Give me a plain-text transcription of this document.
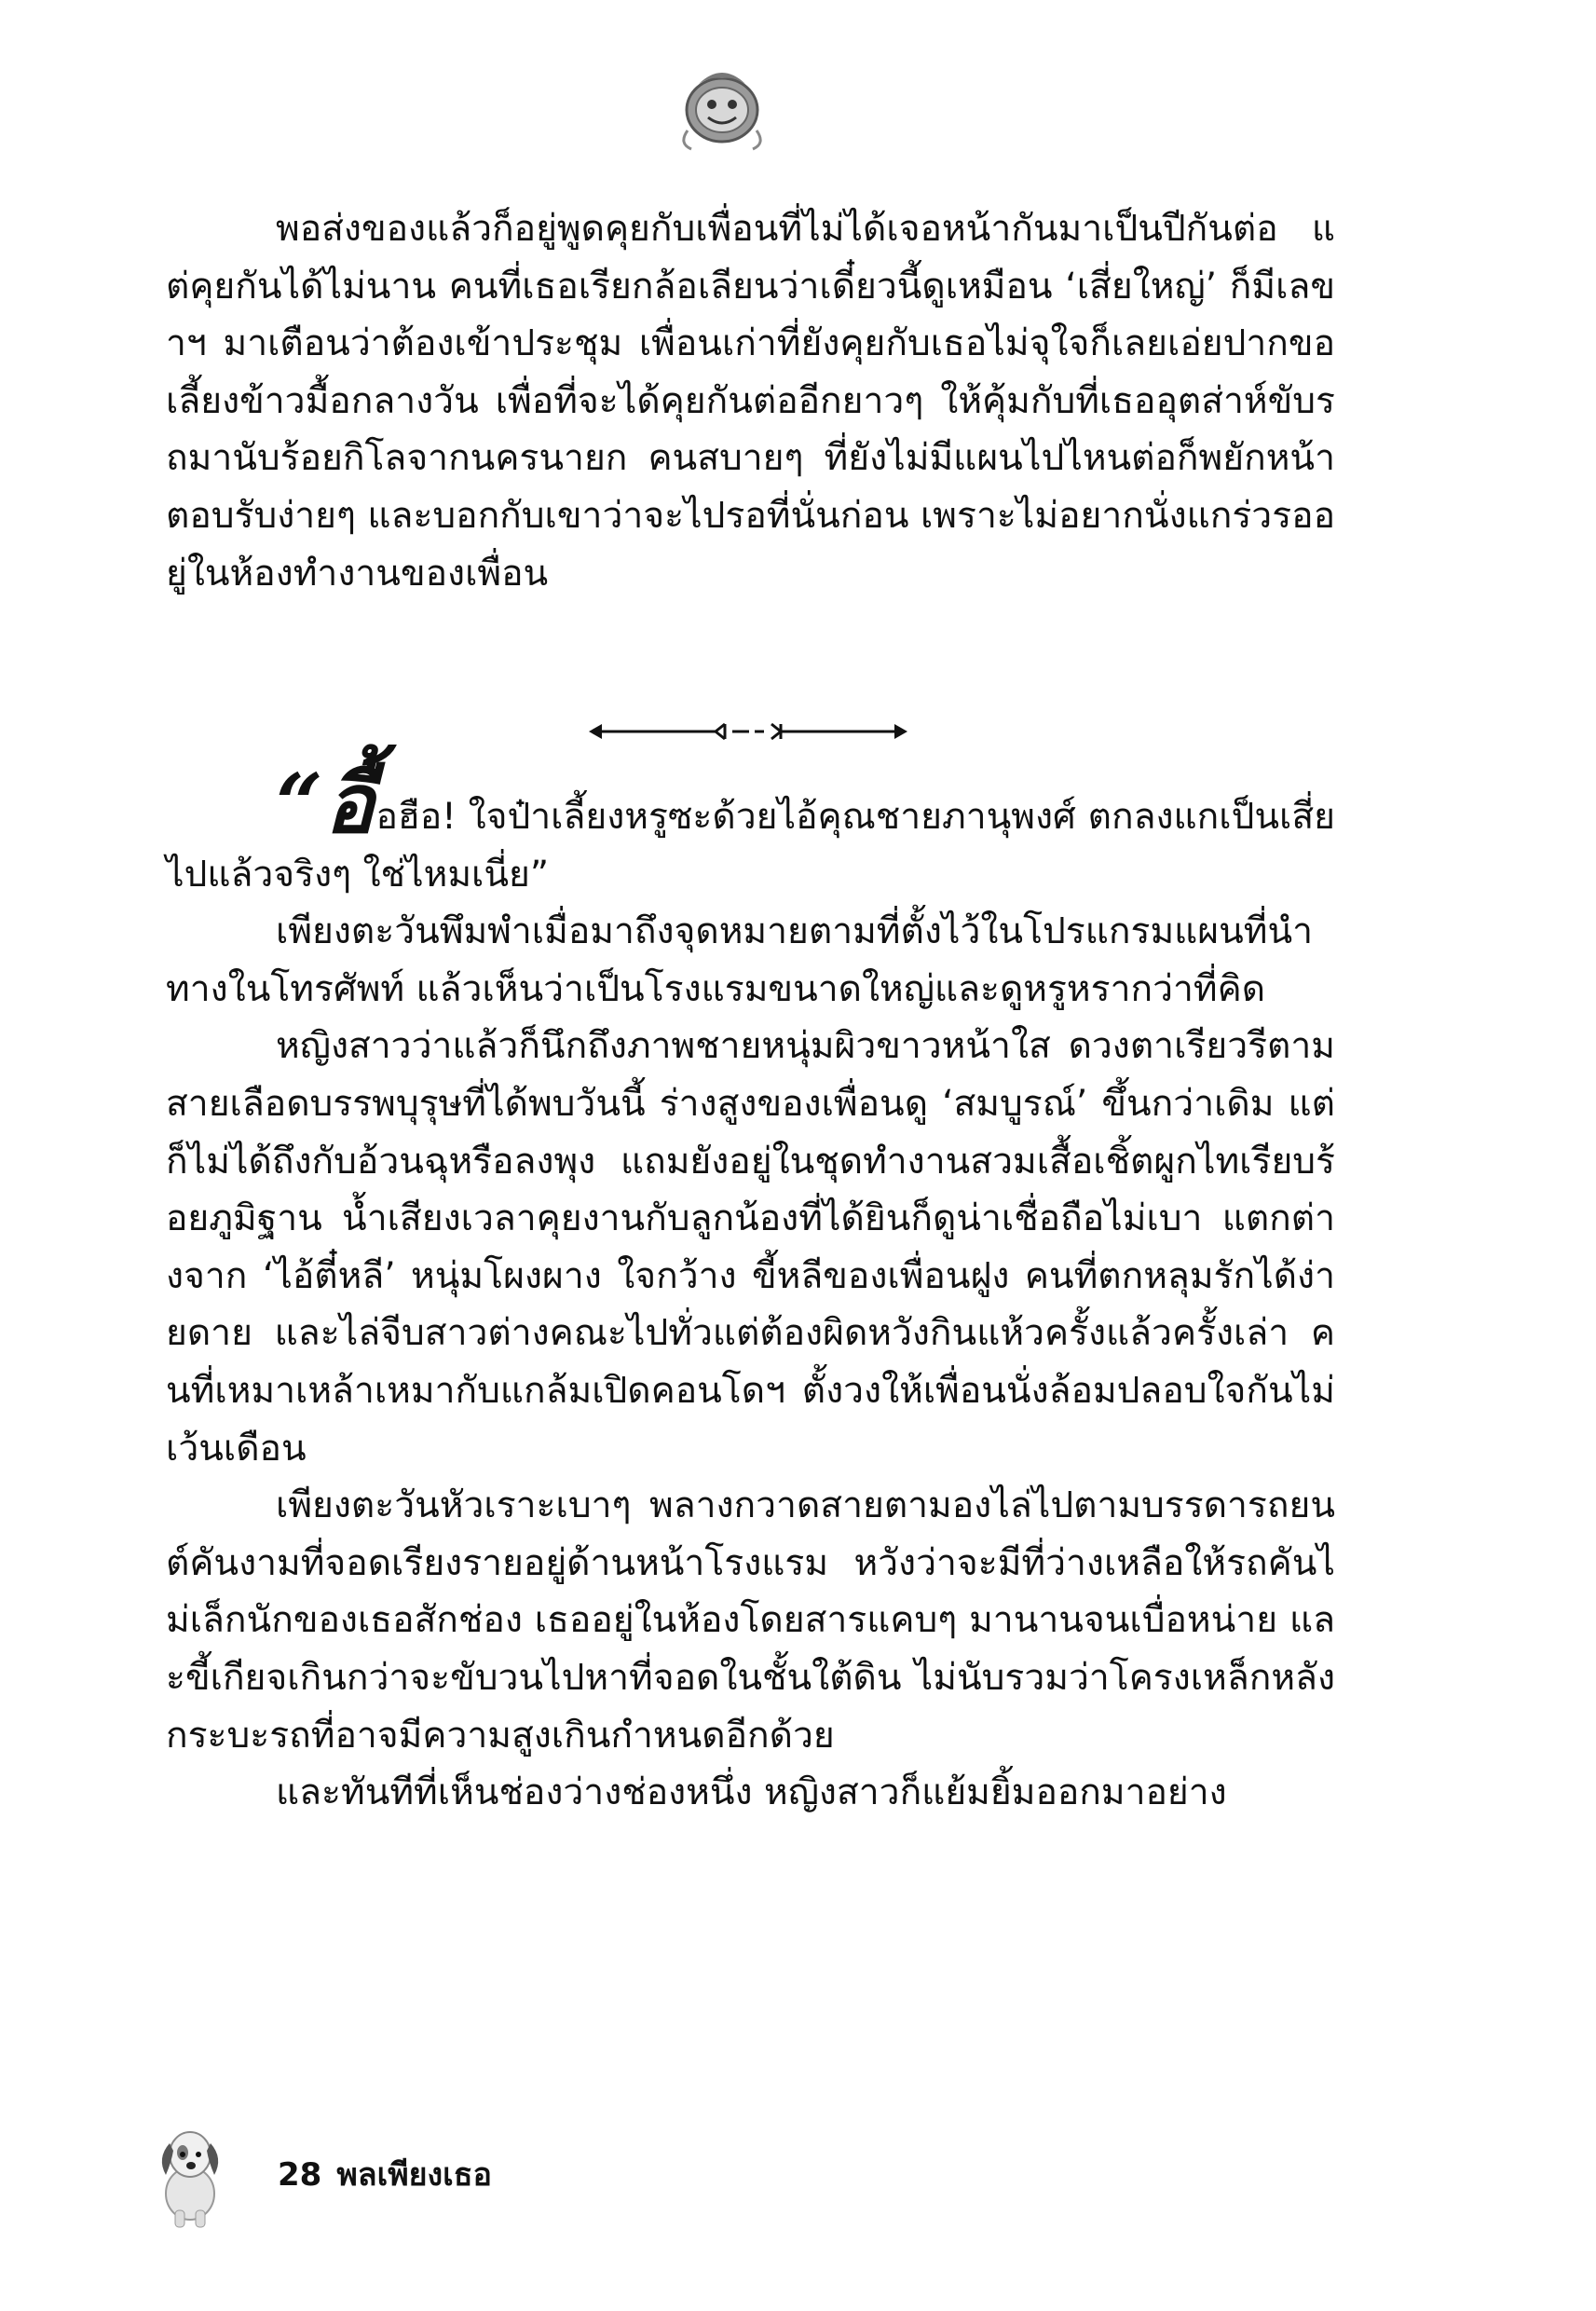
พอส่งของแล้วก็อยู่พูดคุยกับเพื่อนที่ไม่ได้เจอหน้ากันมาเป็นปีกันต่อ แต่คุยกันได้ไม่นาน คนที่เธอเรียกล้อเลียนว่าเดี๋ยวนี้ดูเหมือน ‘เสี่ยใหญ่’ ก็มีเลขาฯ มาเตือนว่าต้องเข้าประชุม เพื่อนเก่าที่ยังคุยกับเธอไม่จุใจก็เลยเอ่ยปากขอเลี้ยงข้าวมื้อกลางวัน เพื่อที่จะได้คุยกันต่ออีกยาวๆ ให้คุ้มกับที่เธออุตส่าห์ขับรถมานับร้อยกิโลจากนครนายก คนสบายๆ ที่ยังไม่มีแผนไปไหนต่อก็พยักหน้าตอบรับง่ายๆ และบอกกับเขาว่าจะไปรอที่นั่นก่อน เพราะไม่อยากนั่งแกร่วรออยู่ในห้องทำงานของเพื่อน

“อื้อฮือ! ใจป๋าเลี้ยงหรูซะด้วยไอ้คุณชายภานุพงศ์ ตกลงแกเป็นเสี่ยไปแล้วจริงๆ ใช่ไหมเนี่ย”

เพียงตะวันพึมพำเมื่อมาถึงจุดหมายตามที่ตั้งไว้ในโปรแกรมแผนที่นำทางในโทรศัพท์ แล้วเห็นว่าเป็นโรงแรมขนาดใหญ่และดูหรูหรากว่าที่คิด

หญิงสาวว่าแล้วก็นึกถึงภาพชายหนุ่มผิวขาวหน้าใส ดวงตาเรียวรีตามสายเลือดบรรพบุรุษที่ได้พบวันนี้ ร่างสูงของเพื่อนดู ‘สมบูรณ์’ ขึ้นกว่าเดิม แต่ก็ไม่ได้ถึงกับอ้วนฉุหรือลงพุง แถมยังอยู่ในชุดทำงานสวมเสื้อเชิ้ตผูกไทเรียบร้อยภูมิฐาน น้ำเสียงเวลาคุยงานกับลูกน้องที่ได้ยินก็ดูน่าเชื่อถือไม่เบา แตกต่างจาก ‘ไอ้ตี๋หลี’ หนุ่มโผงผาง ใจกว้าง ขี้หลีของเพื่อนฝูง คนที่ตกหลุมรักได้ง่ายดาย และไล่จีบสาวต่างคณะไปทั่วแต่ต้องผิดหวังกินแห้วครั้งแล้วครั้งเล่า คนที่เหมาเหล้าเหมากับแกล้มเปิดคอนโดฯ ตั้งวงให้เพื่อนนั่งล้อมปลอบใจกันไม่เว้นเดือน

เพียงตะวันหัวเราะเบาๆ พลางกวาดสายตามองไล่ไปตามบรรดารถยนต์คันงามที่จอดเรียงรายอยู่ด้านหน้าโรงแรม หวังว่าจะมีที่ว่างเหลือให้รถคันไม่เล็กนักของเธอสักช่อง เธออยู่ในห้องโดยสารแคบๆ มานานจนเบื่อหน่าย และขี้เกียจเกินกว่าจะขับวนไปหาที่จอดในชั้นใต้ดิน ไม่นับรวมว่าโครงเหล็กหลังกระบะรถที่อาจมีความสูงเกินกำหนดอีกด้วย

และทันทีที่เห็นช่องว่างช่องหนึ่ง หญิงสาวก็แย้มยิ้มออกมาอย่าง

28 พลเพียงเธอ
